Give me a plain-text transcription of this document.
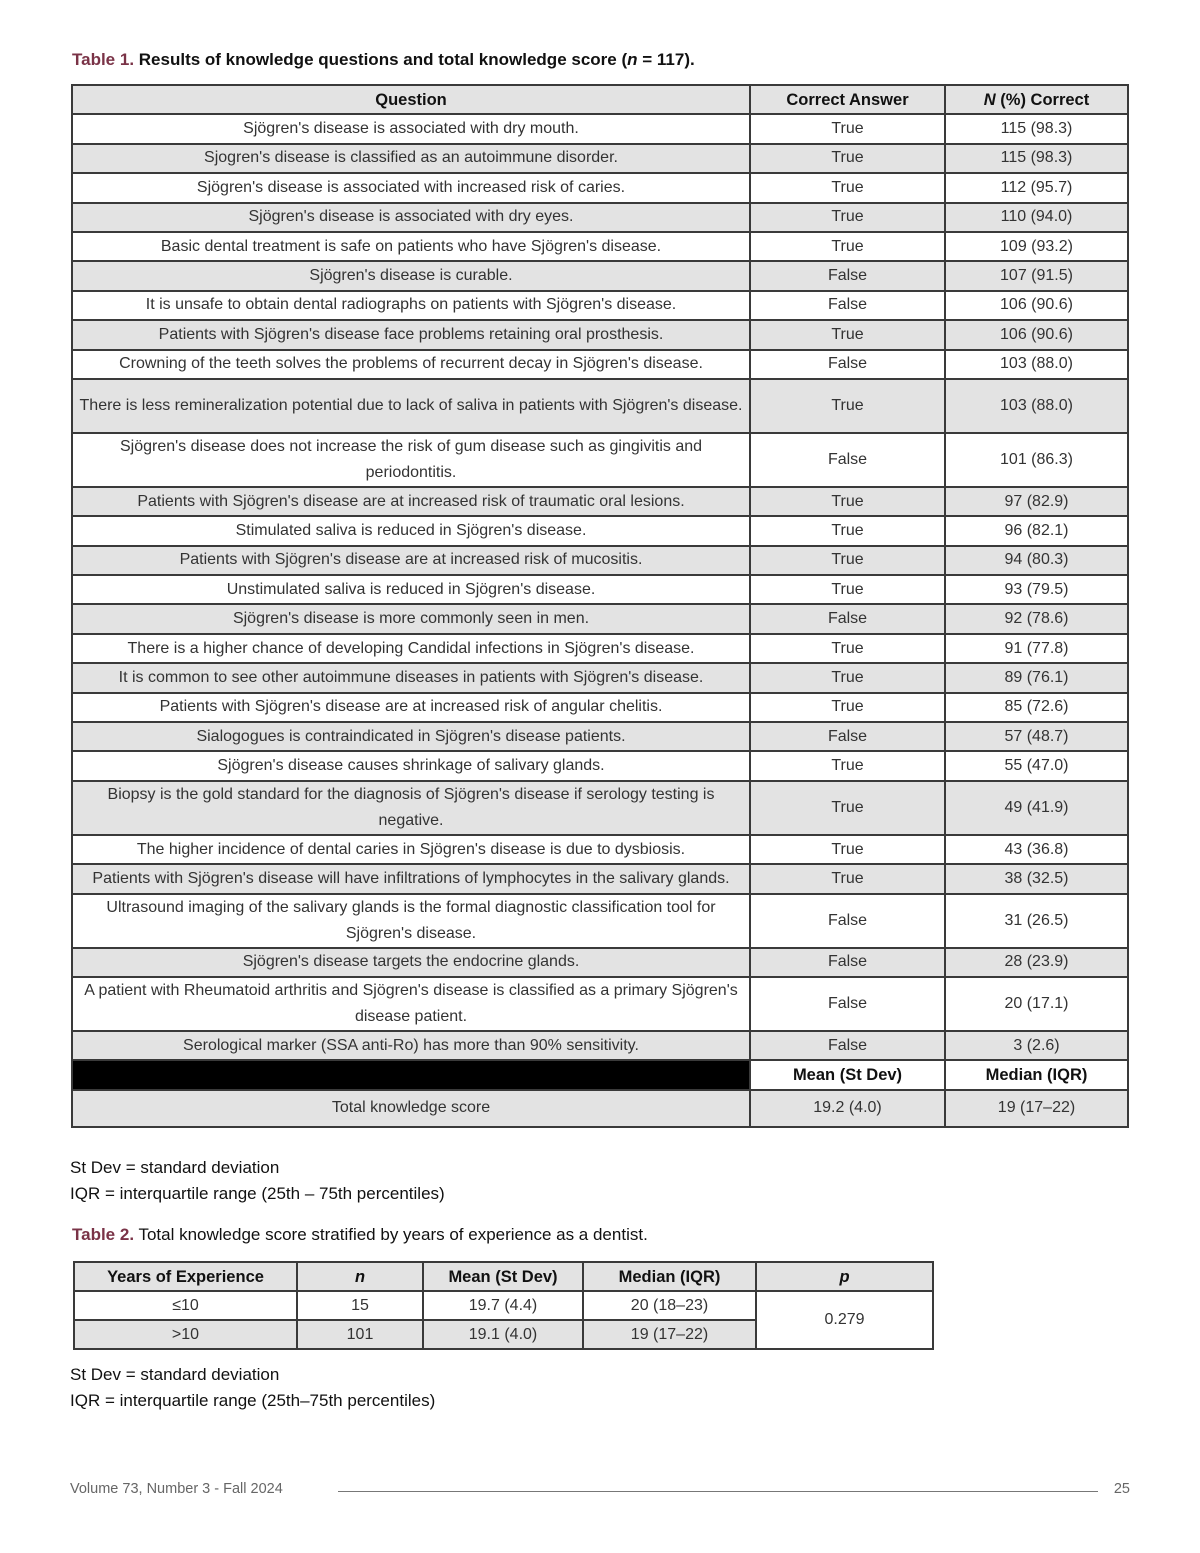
Table 1. Results of knowledge questions and total knowledge score (n = 117).
Question	Correct Answer	N (%) Correct
Sjögren's disease is associated with dry mouth.	True	115 (98.3)
Sjogren's disease is classified as an autoimmune disorder.	True	115 (98.3)
Sjögren's disease is associated with increased risk of caries.	True	112 (95.7)
Sjögren's disease is associated with dry eyes.	True	110 (94.0)
Basic dental treatment is safe on patients who have Sjögren's disease.	True	109 (93.2)
Sjögren's disease is curable.	False	107 (91.5)
It is unsafe to obtain dental radiographs on patients with Sjögren's disease.	False	106 (90.6)
Patients with Sjögren's disease face problems retaining oral prosthesis.	True	106 (90.6)
Crowning of the teeth solves the problems of recurrent decay in Sjögren's disease.	False	103 (88.0)
There is less remineralization potential due to lack of saliva in patients with Sjögren's disease.	True	103 (88.0)
Sjögren's disease does not increase the risk of gum disease such as gingivitis and periodontitis.	False	101 (86.3)
Patients with Sjögren's disease are at increased risk of traumatic oral lesions.	True	97 (82.9)
Stimulated saliva is reduced in Sjögren's disease.	True	96 (82.1)
Patients with Sjögren's disease are at increased risk of mucositis.	True	94 (80.3)
Unstimulated saliva is reduced in Sjögren's disease.	True	93 (79.5)
Sjögren's disease is more commonly seen in men.	False	92 (78.6)
There is a higher chance of developing Candidal infections in Sjögren's disease.	True	91 (77.8)
It is common to see other autoimmune diseases in patients with Sjögren's disease.	True	89 (76.1)
Patients with Sjögren's disease are at increased risk of angular chelitis.	True	85 (72.6)
Sialogogues is contraindicated in Sjögren's disease patients.	False	57 (48.7)
Sjögren's disease causes shrinkage of salivary glands.	True	55 (47.0)
Biopsy is the gold standard for the diagnosis of Sjögren's disease if serology testing is negative.	True	49 (41.9)
The higher incidence of dental caries in Sjögren's disease is due to dysbiosis.	True	43 (36.8)
Patients with Sjögren's disease will have infiltrations of lymphocytes in the salivary glands.	True	38 (32.5)
Ultrasound imaging of the salivary glands is the formal diagnostic classification tool for Sjögren's disease.	False	31 (26.5)
Sjögren's disease targets the endocrine glands.	False	28 (23.9)
A patient with Rheumatoid arthritis and Sjögren's disease is classified as a primary Sjögren's disease patient.	False	20 (17.1)
Serological marker (SSA anti-Ro) has more than 90% sensitivity.	False	3 (2.6)
	Mean (St Dev)	Median (IQR)
Total knowledge score	19.2 (4.0)	19 (17–22)
St Dev = standard deviation
IQR = interquartile range (25th – 75th percentiles)
Table 2. Total knowledge score stratified by years of experience as a dentist.
Years of Experience	n	Mean (St Dev)	Median (IQR)	p
≤10	15	19.7 (4.4)	20 (18–23)	0.279
>10	101	19.1 (4.0)	19 (17–22)	
St Dev = standard deviation
IQR = interquartile range (25th–75th percentiles)
Volume 73, Number 3 - Fall 2024	25
